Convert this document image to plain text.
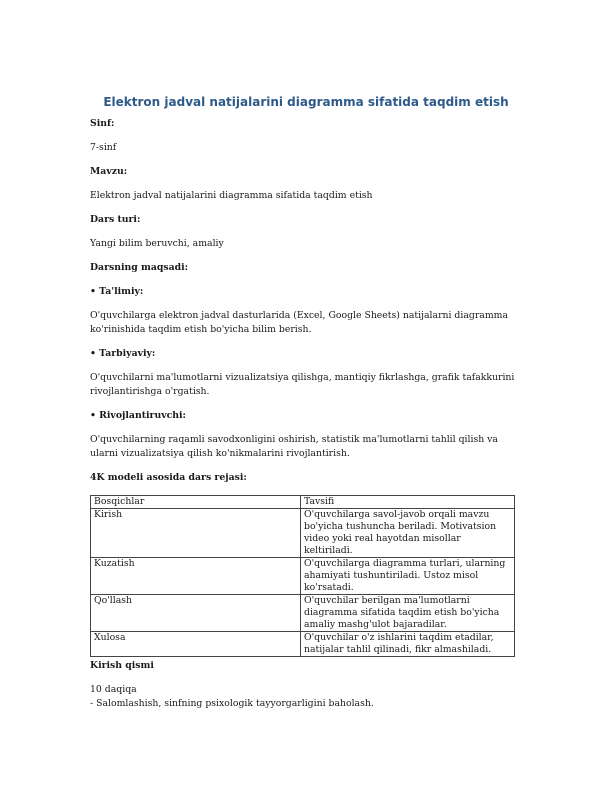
Elektron jadval natijalarini diagramma sifatida taqdim etish

Sinf:

7-sinf

Mavzu:

Elektron jadval natijalarini diagramma sifatida taqdim etish

Dars turi:

Yangi bilim beruvchi, amaliy

Darsning maqsadi:

• Ta'limiy:

O'quvchilarga elektron jadval dasturlarida (Excel, Google Sheets) natijalarni diagramma ko'rinishida taqdim etish bo'yicha bilim berish.

• Tarbiyaviy:

O'quvchilarni ma'lumotlarni vizualizatsiya qilishga, mantiqiy fikrlashga, grafik tafakkurini rivojlantirishga o'rgatish.

• Rivojlantiruvchi:

O'quvchilarning raqamli savodxonligini oshirish, statistik ma'lumotlarni tahlil qilish va ularni vizualizatsiya qilish ko'nikmalarini rivojlantirish.

4K modeli asosida dars rejasi:

Bosqichlar	Tavsifi
Kirish	O'quvchilarga savol-javob orqali mavzu bo'yicha tushuncha beriladi. Motivatsion video yoki real hayotdan misollar keltiriladi.
Kuzatish	O'quvchilarga diagramma turlari, ularning ahamiyati tushuntiriladi. Ustoz misol ko'rsatadi.
Qo'llash	O'quvchilar berilgan ma'lumotlarni diagramma sifatida taqdim etish bo'yicha amaliy mashg'ulot bajaradilar.
Xulosa	O'quvchilar o'z ishlarini taqdim etadilar, natijalar tahlil qilinadi, fikr almashiladi.

Kirish qismi

10 daqiqa

- Salomlashish, sinfning psixologik tayyorgarligini baholash.
